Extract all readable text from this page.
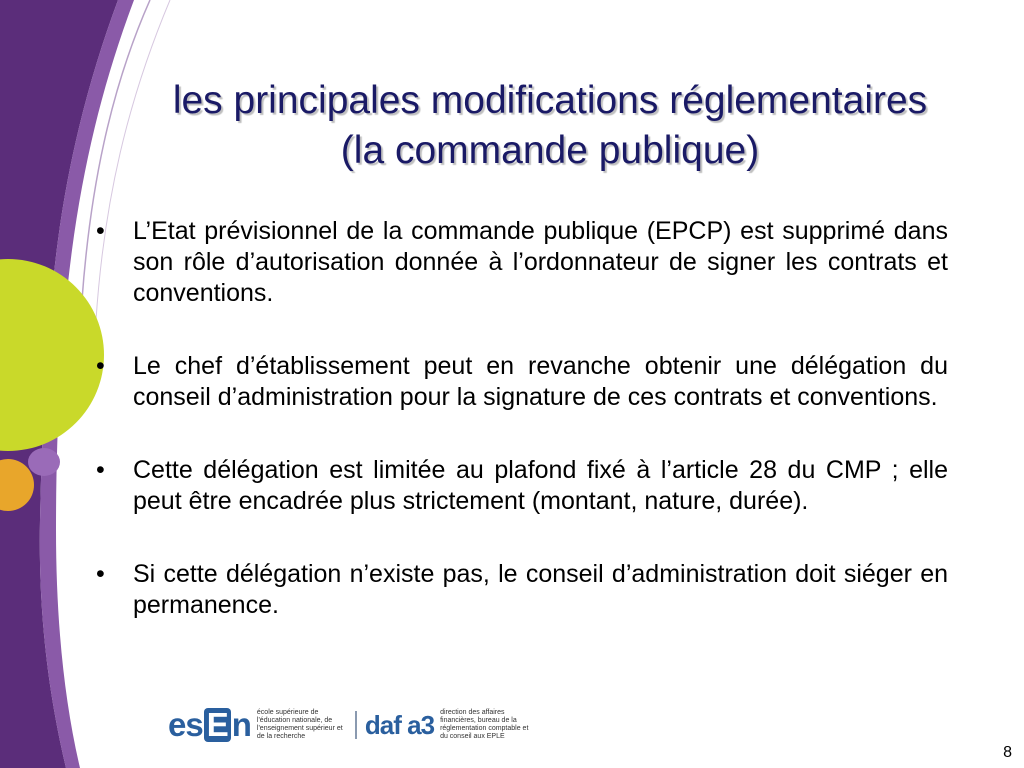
les principales modifications réglementaires
(la commande publique)
• L’Etat prévisionnel de la commande publique (EPCP) est supprimé dans son rôle d’autorisation donnée à l’ordonnateur de signer les contrats et conventions.
• Le chef d’établissement peut en revanche obtenir une délégation du conseil d’administration pour la signature de ces contrats et conventions.
• Cette délégation est limitée au plafond fixé à l’article 28 du CMP ; elle peut être encadrée plus strictement (montant, nature, durée).
• Si cette délégation n’existe pas, le conseil d’administration doit siéger en permanence.
es E n école supérieure de l'éducation nationale, de l'enseignement supérieur et de la recherche	daf a3 direction des affaires financières, bureau de la réglementation comptable et du conseil aux EPLE
8
